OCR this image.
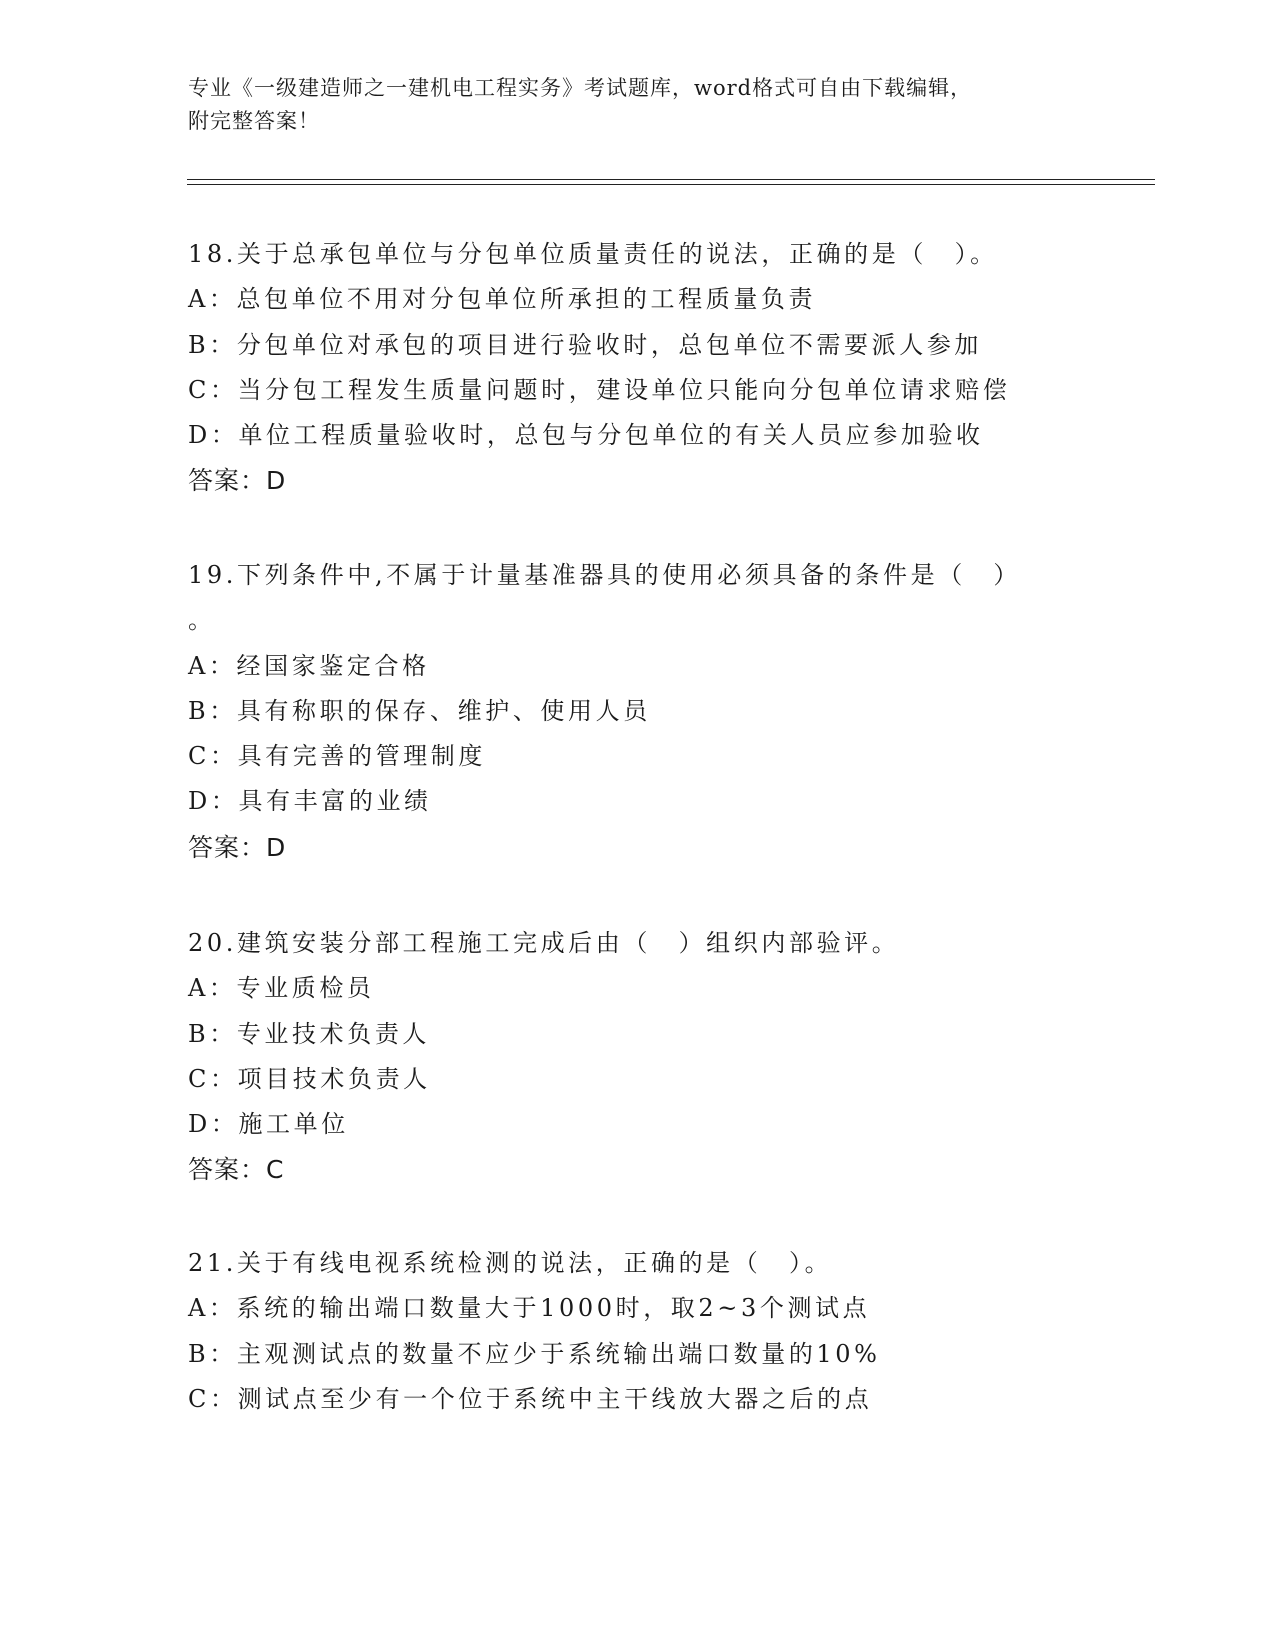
专业《一级建造师之一建机电工程实务》考试题库，word格式可自由下载编辑，
附完整答案！
18.关于总承包单位与分包单位质量责任的说法，正确的是（　）。
A：总包单位不用对分包单位所承担的工程质量负责
B：分包单位对承包的项目进行验收时，总包单位不需要派人参加
C：当分包工程发生质量问题时，建设单位只能向分包单位请求赔偿
D：单位工程质量验收时，总包与分包单位的有关人员应参加验收
答案：D
19.下列条件中,不属于计量基准器具的使用必须具备的条件是（　）
。
A：经国家鉴定合格
B：具有称职的保存、维护、使用人员
C：具有完善的管理制度
D：具有丰富的业绩
答案：D
20.建筑安装分部工程施工完成后由（　）组织内部验评。
A：专业质检员
B：专业技术负责人
C：项目技术负责人
D：施工单位
答案：C
21.关于有线电视系统检测的说法，正确的是（　）。
A：系统的输出端口数量大于1000时，取2~3个测试点
B：主观测试点的数量不应少于系统输出端口数量的10%
C：测试点至少有一个位于系统中主干线放大器之后的点
